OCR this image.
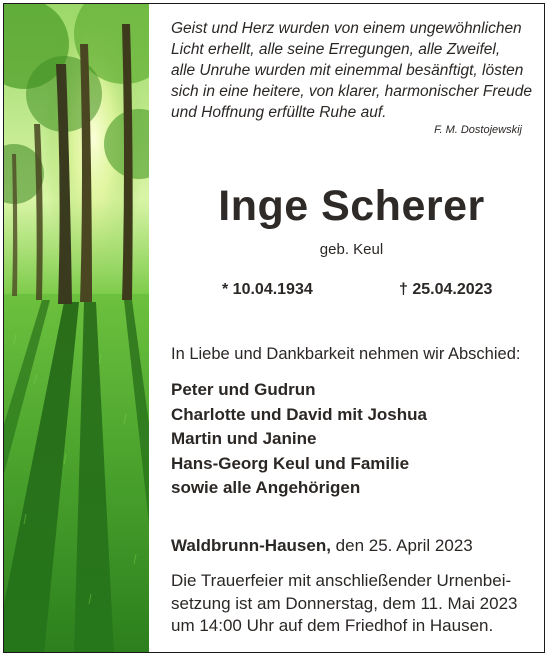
Geist und Herz wurden von einem ungewöhnlichen
Licht erhellt, alle seine Erregungen, alle Zweifel,
alle Unruhe wurden mit einemmal besänftigt, lösten
sich in eine heitere, von klarer, harmonischer Freude
und Hoffnung erfüllte Ruhe auf.
F. M. Dostojewskij
Inge Scherer
geb. Keul
* 10.04.1934	† 25.04.2023
In Liebe und Dankbarkeit nehmen wir Abschied:
Peter und Gudrun
Charlotte und David mit Joshua
Martin und Janine
Hans-Georg Keul und Familie
sowie alle Angehörigen
Waldbrunn-Hausen, den 25. April 2023
Die Trauerfeier mit anschließender Urnenbei-
setzung ist am Donnerstag, dem 11. Mai 2023
um 14:00 Uhr auf dem Friedhof in Hausen.
